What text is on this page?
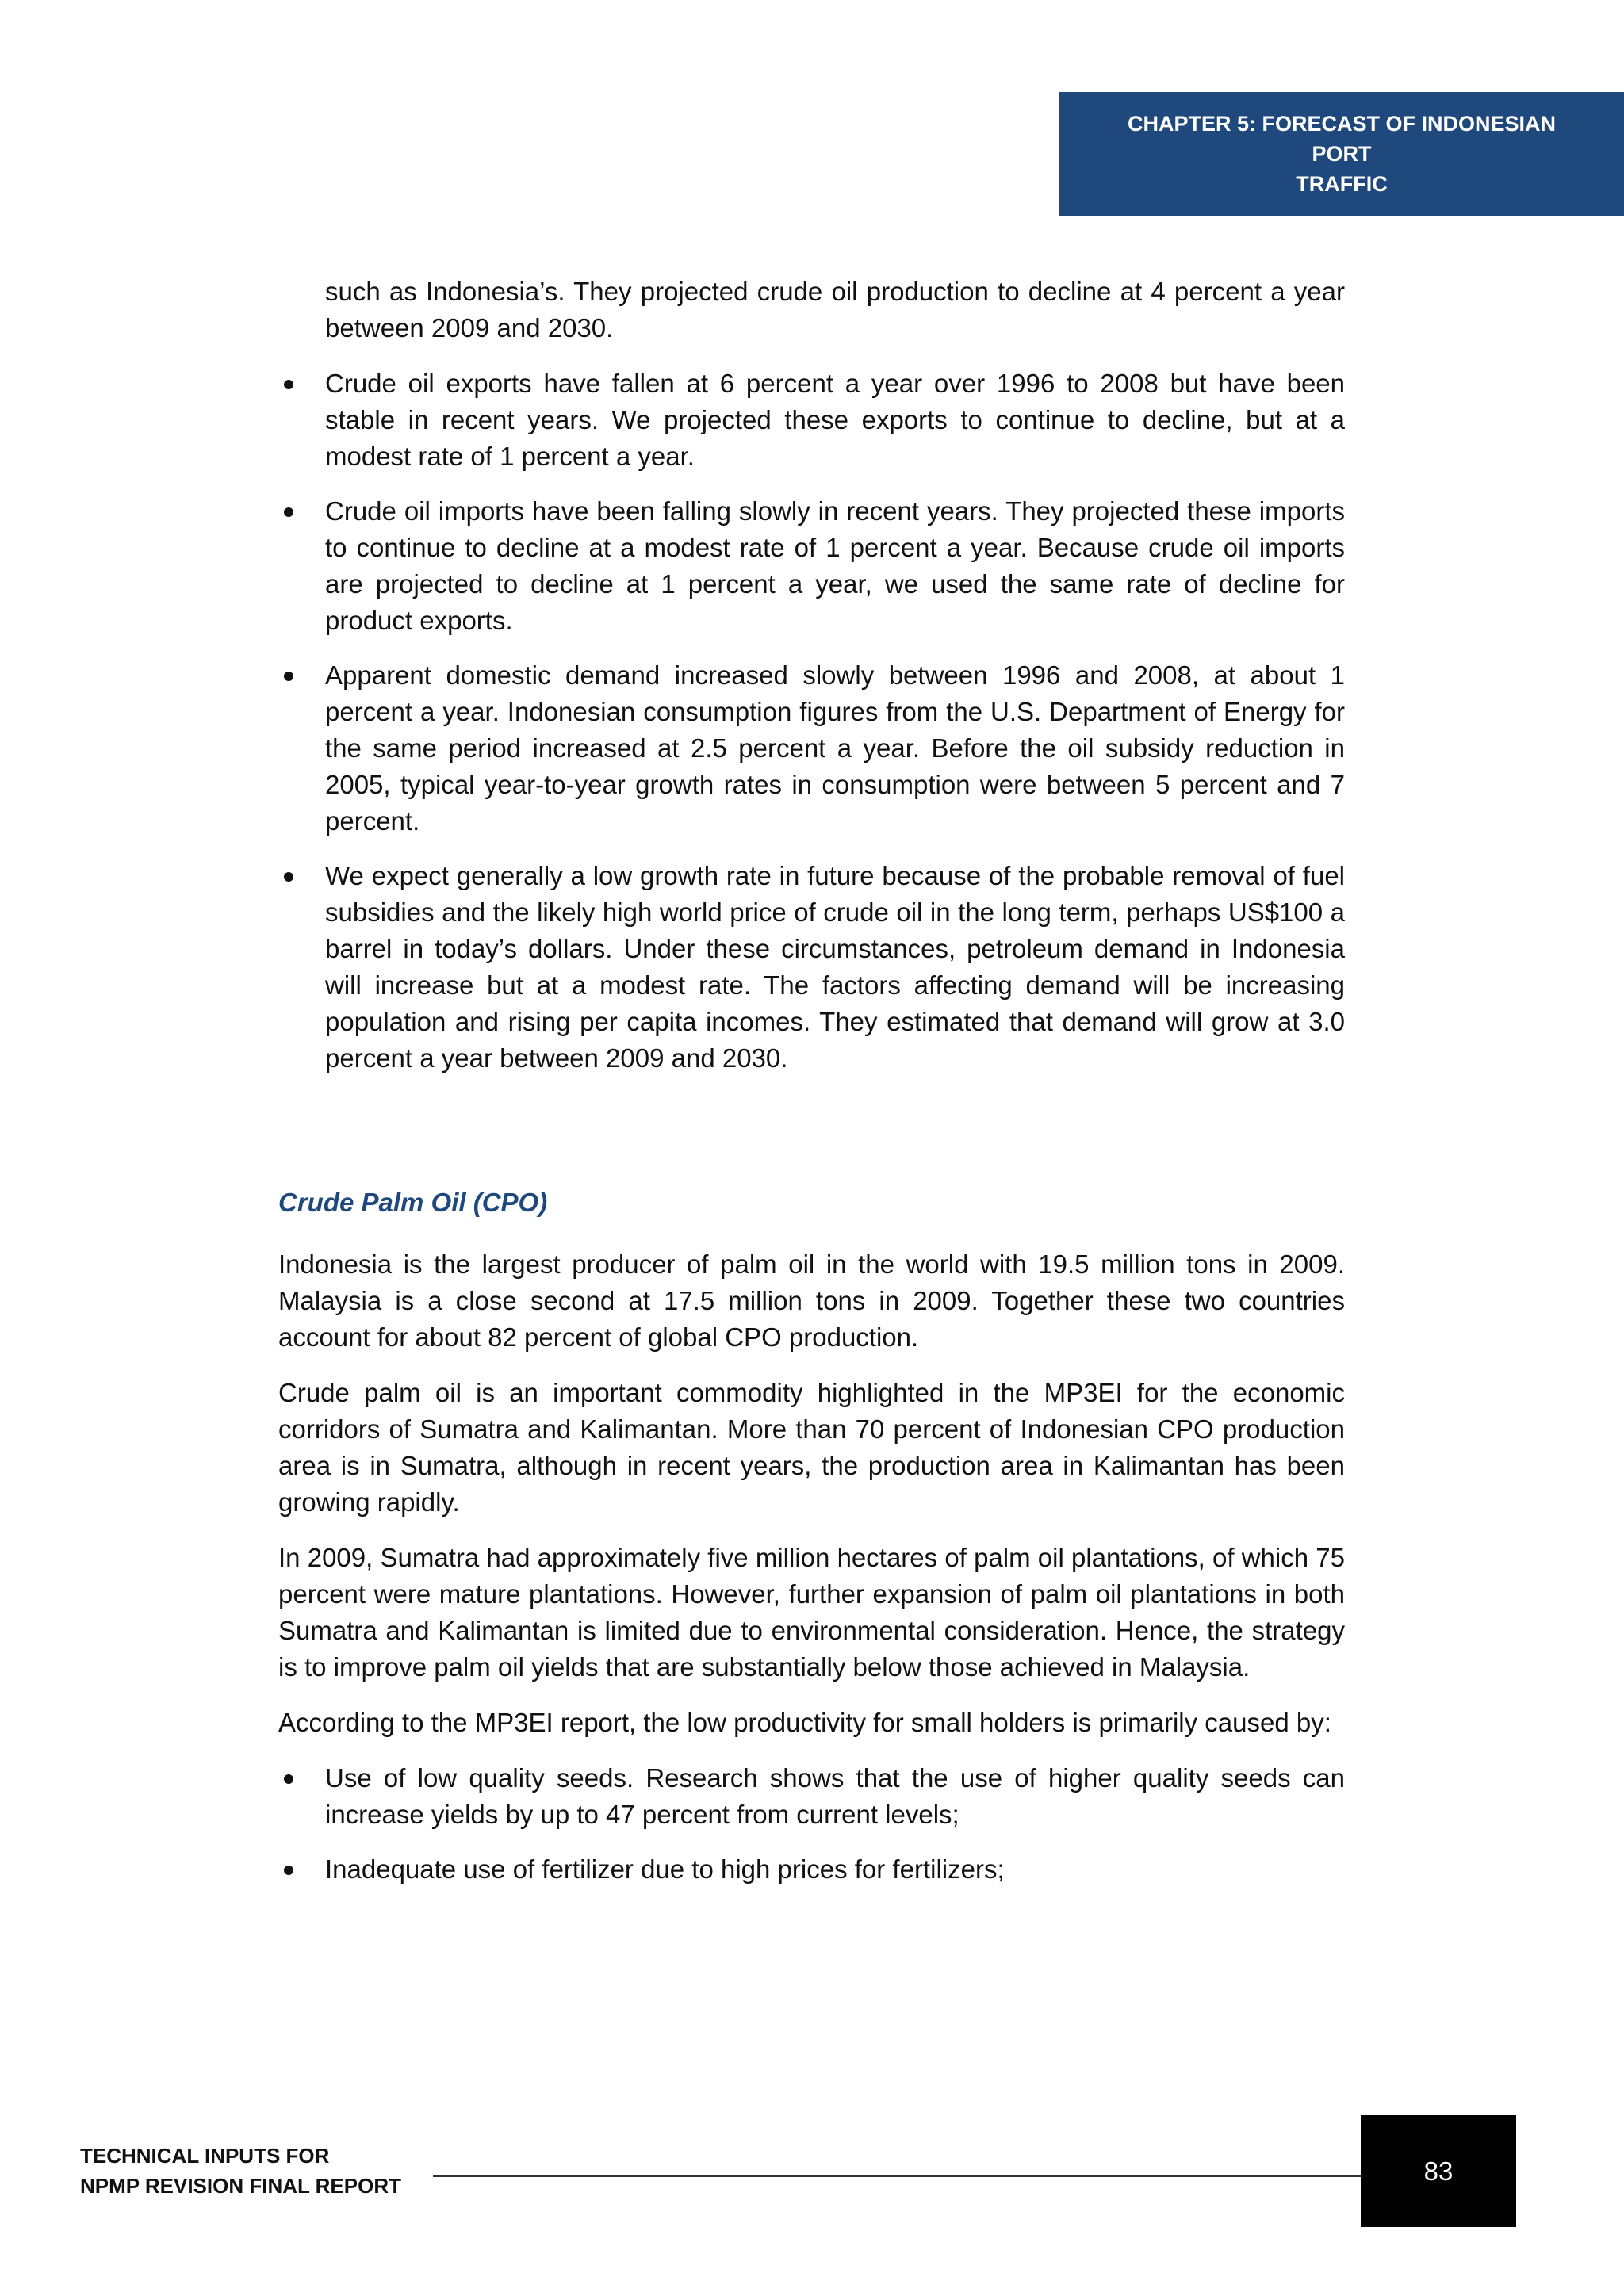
CHAPTER 5: FORECAST OF INDONESIAN PORT
TRAFFIC

such as Indonesia’s. They projected crude oil production to decline at 4 percent a year between 2009 and 2030.

Crude oil exports have fallen at 6 percent a year over 1996 to 2008 but have been stable in recent years. We projected these exports to continue to decline, but at a modest rate of 1 percent a year.
Crude oil imports have been falling slowly in recent years. They projected these imports to continue to decline at a modest rate of 1 percent a year. Because crude oil imports are projected to decline at 1 percent a year, we used the same rate of decline for product exports.
Apparent domestic demand increased slowly between 1996 and 2008, at about 1 percent a year. Indonesian consumption figures from the U.S. Department of Energy for the same period increased at 2.5 percent a year. Before the oil subsidy reduction in 2005, typical year-to-year growth rates in consumption were between 5 percent and 7 percent.
We expect generally a low growth rate in future because of the probable removal of fuel subsidies and the likely high world price of crude oil in the long term, perhaps US$100 a barrel in today’s dollars. Under these circumstances, petroleum demand in Indonesia will increase but at a modest rate. The factors affecting demand will be increasing population and rising per capita incomes. They estimated that demand will grow at 3.0 percent a year between 2009 and 2030.
Crude Palm Oil (CPO)

Indonesia is the largest producer of palm oil in the world with 19.5 million tons in 2009. Malaysia is a close second at 17.5 million tons in 2009. Together these two countries account for about 82 percent of global CPO production.

Crude palm oil is an important commodity highlighted in the MP3EI for the economic corridors of Sumatra and Kalimantan. More than 70 percent of Indonesian CPO production area is in Sumatra, although in recent years, the production area in Kalimantan has been growing rapidly.

In 2009, Sumatra had approximately five million hectares of palm oil plantations, of which 75 percent were mature plantations. However, further expansion of palm oil plantations in both Sumatra and Kalimantan is limited due to environmental consideration. Hence, the strategy is to improve palm oil yields that are substantially below those achieved in Malaysia.

According to the MP3EI report, the low productivity for small holders is primarily caused by:

Use of low quality seeds. Research shows that the use of higher quality seeds can increase yields by up to 47 percent from current levels;
Inadequate use of fertilizer due to high prices for fertilizers;
TECHNICAL INPUTS FOR
NPMP REVISION FINAL REPORT
83
